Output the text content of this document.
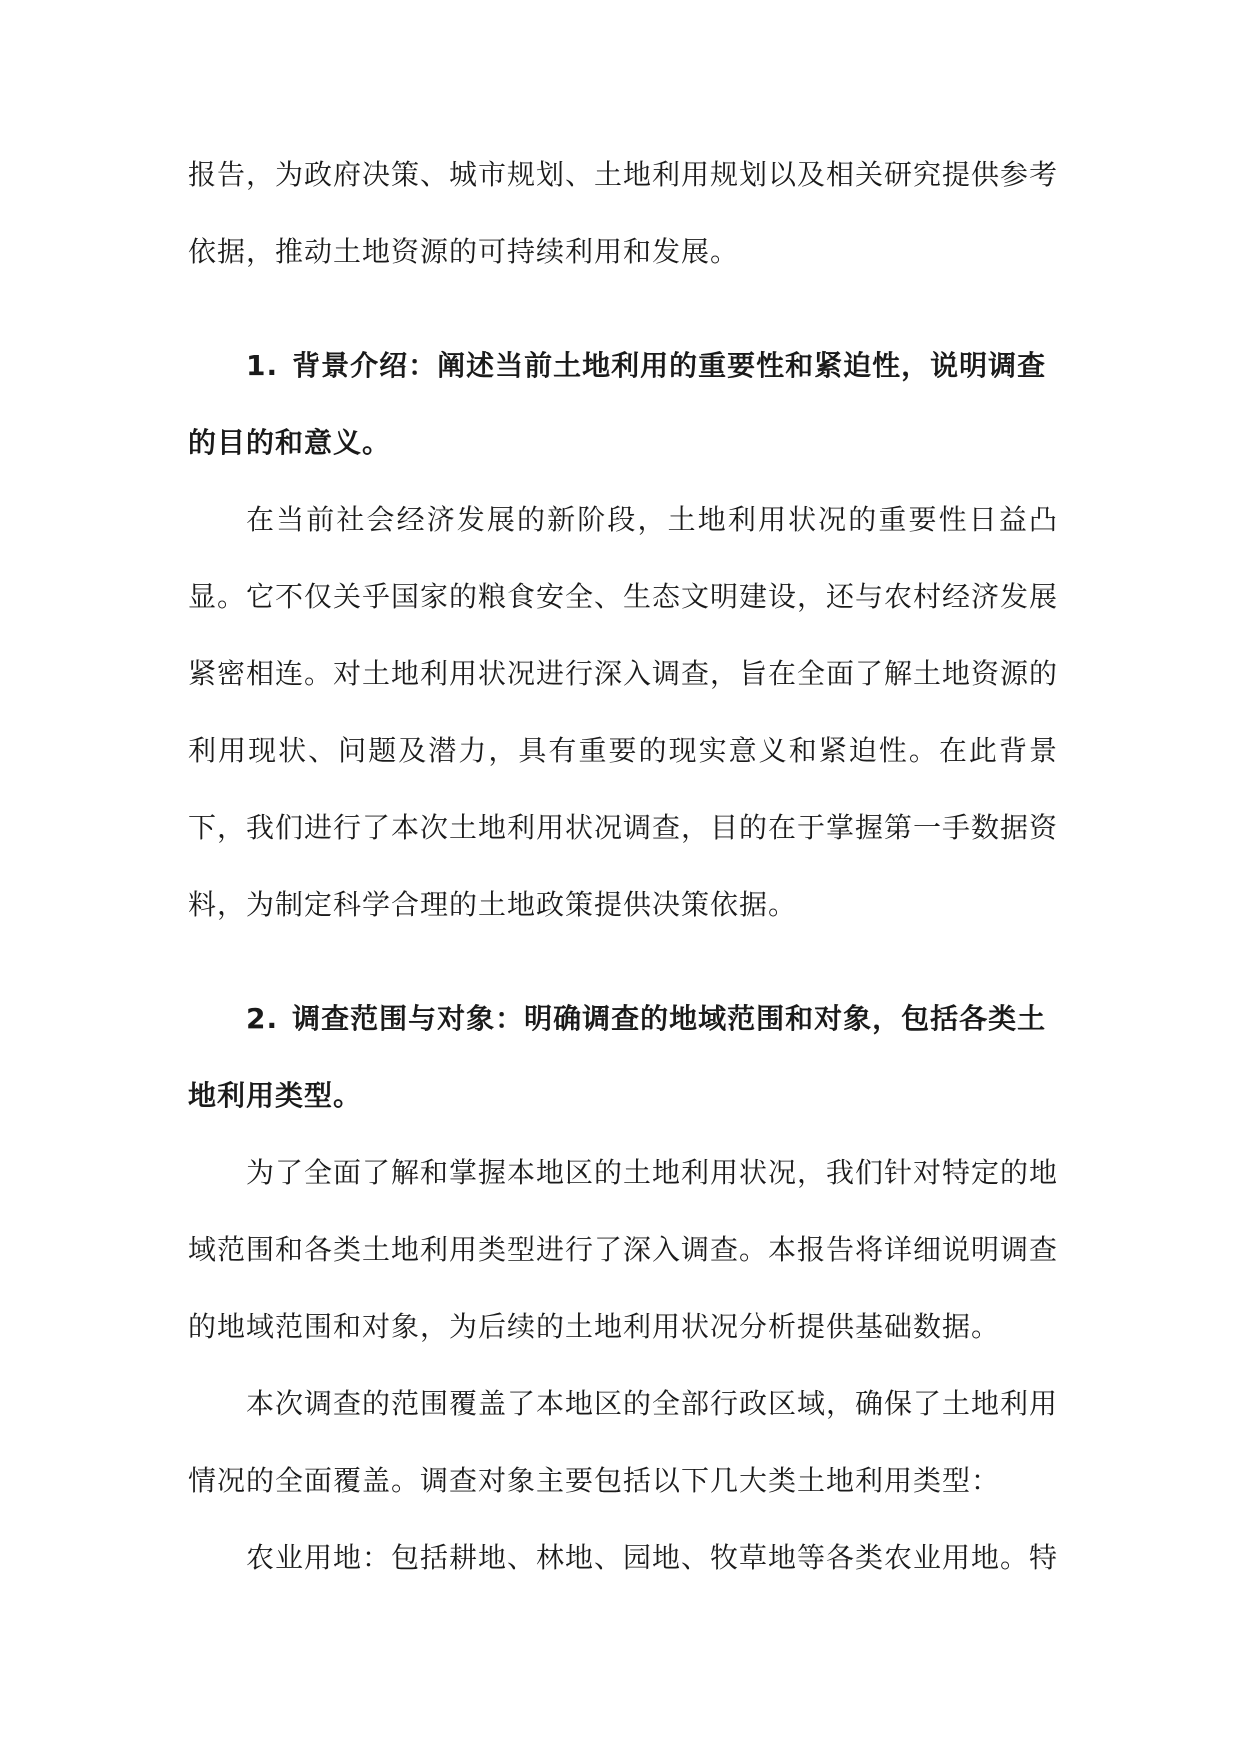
报告，为政府决策、城市规划、土地利用规划以及相关研究提供参考依据，推动土地资源的可持续利用和发展。

1. 背景介绍：阐述当前土地利用的重要性和紧迫性，说明调查的目的和意义。

在当前社会经济发展的新阶段，土地利用状况的重要性日益凸显。它不仅关乎国家的粮食安全、生态文明建设，还与农村经济发展紧密相连。对土地利用状况进行深入调查，旨在全面了解土地资源的利用现状、问题及潜力，具有重要的现实意义和紧迫性。在此背景下，我们进行了本次土地利用状况调查，目的在于掌握第一手数据资料，为制定科学合理的土地政策提供决策依据。

2. 调查范围与对象：明确调查的地域范围和对象，包括各类土地利用类型。

为了全面了解和掌握本地区的土地利用状况，我们针对特定的地域范围和各类土地利用类型进行了深入调查。本报告将详细说明调查的地域范围和对象，为后续的土地利用状况分析提供基础数据。

本次调查的范围覆盖了本地区的全部行政区域，确保了土地利用情况的全面覆盖。调查对象主要包括以下几大类土地利用类型：

农业用地：包括耕地、林地、园地、牧草地等各类农业用地。特
